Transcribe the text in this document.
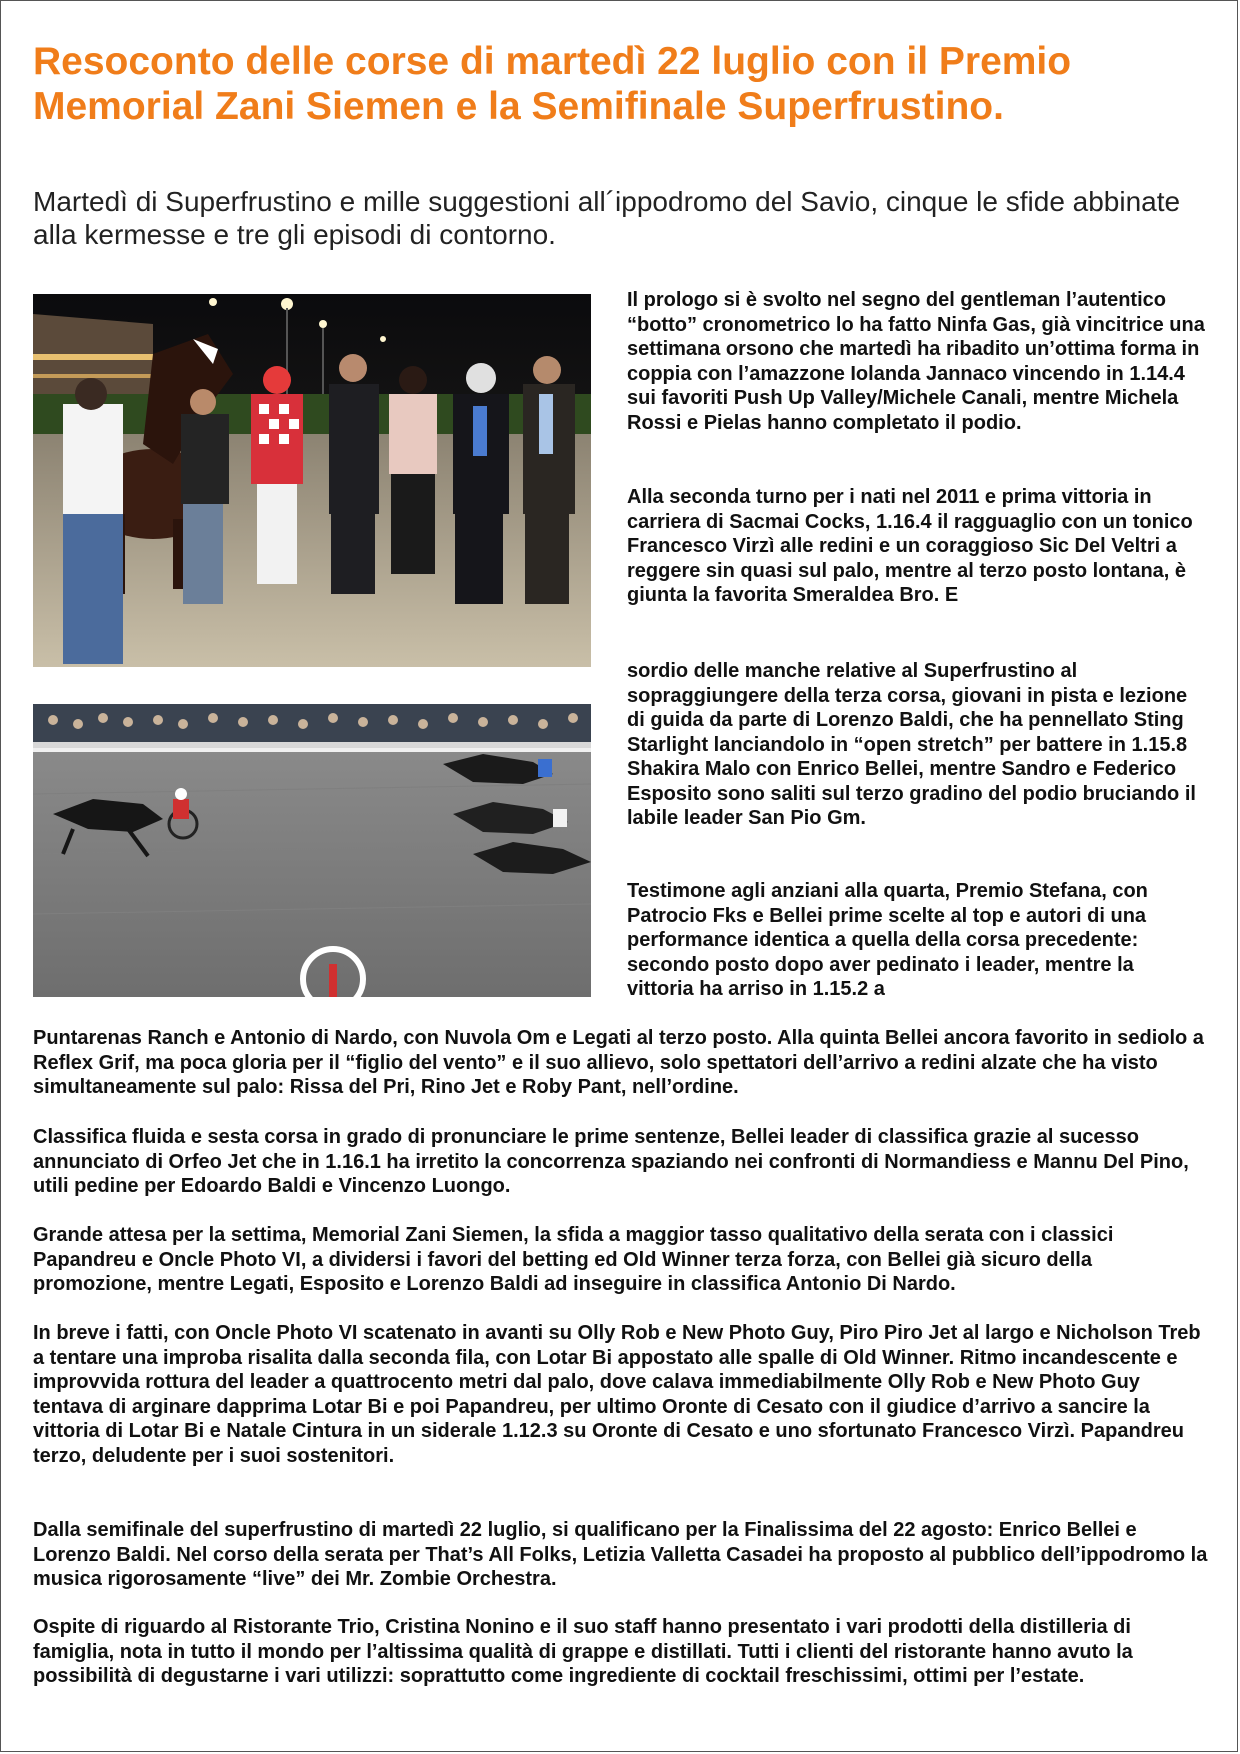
Resoconto delle corse di martedì 22 luglio con il Premio Memorial Zani Siemen e la Semifinale Superfrustino.

Martedì di Superfrustino e mille suggestioni all´ippodromo del Savio, cinque le sfide abbinate alla kermesse e tre gli episodi di contorno.

Il prologo si è svolto nel segno del gentleman l’autentico “botto” cronometrico lo ha fatto Ninfa Gas, già vincitrice una settimana orsono che martedì ha ribadito un’ottima forma in coppia con l’amazzone Iolanda Jannaco vincendo in 1.14.4 sui favoriti Push Up Valley/Michele Canali, mentre Michela Rossi e Pielas hanno completato il podio.

Alla seconda turno per i nati nel 2011 e prima vittoria in carriera di Sacmai Cocks, 1.16.4 il ragguaglio con un tonico Francesco Virzì alle redini e un coraggioso Sic Del Veltri a reggere sin quasi sul palo, mentre al terzo posto lontana, è giunta la favorita Smeraldea Bro. E

sordio delle manche relative al Superfrustino al sopraggiungere della terza corsa, giovani in pista e lezione di guida da parte di Lorenzo Baldi, che ha pennellato Sting Starlight lanciandolo in “open stretch” per battere in 1.15.8 Shakira Malo con Enrico Bellei, mentre Sandro e Federico Esposito sono saliti sul terzo gradino del podio bruciando il labile leader San Pio Gm.

Testimone agli anziani alla quarta, Premio Stefana, con Patrocio Fks e Bellei prime scelte al top e autori di una performance identica a quella della corsa precedente: secondo posto dopo aver pedinato i leader, mentre la vittoria ha arriso in 1.15.2 a

Puntarenas Ranch e Antonio di Nardo, con Nuvola Om e Legati al terzo posto. Alla quinta Bellei ancora favorito in sediolo a Reflex Grif, ma poca gloria per il “figlio del vento” e il suo allievo, solo spettatori dell’arrivo a redini alzate che ha visto simultaneamente sul palo: Rissa del Pri, Rino Jet e Roby Pant, nell’ordine.

Classifica fluida e sesta corsa in grado di pronunciare le prime sentenze, Bellei leader di classifica grazie al sucesso annunciato di Orfeo Jet che in 1.16.1 ha irretito la concorrenza spaziando nei confronti di Normandiess e Mannu Del Pino, utili pedine per Edoardo Baldi e Vincenzo Luongo.

Grande attesa per la settima, Memorial Zani Siemen, la sfida a maggior tasso qualitativo della serata con i classici Papandreu e Oncle Photo VI, a dividersi i favori del betting ed Old Winner terza forza, con Bellei già sicuro della promozione, mentre Legati, Esposito e Lorenzo Baldi ad inseguire in classifica Antonio Di Nardo.

In breve i fatti, con Oncle Photo VI scatenato in avanti su Olly Rob e New Photo Guy, Piro Piro Jet al largo e Nicholson Treb a tentare una improba risalita dalla seconda fila, con Lotar Bi appostato alle spalle di Old Winner. Ritmo incandescente e improvvida rottura del leader a quattrocento metri dal palo, dove calava immediabilmente Olly Rob e New Photo Guy tentava di arginare dapprima Lotar Bi e poi Papandreu, per ultimo Oronte di Cesato con il giudice d’arrivo a sancire la vittoria di Lotar Bi e Natale Cintura in un siderale 1.12.3 su Oronte di Cesato e uno sfortunato Francesco Virzì. Papandreu terzo, deludente per i suoi sostenitori.

Dalla semifinale del superfrustino di martedì 22 luglio, si qualificano per la Finalissima del 22 agosto: Enrico Bellei e Lorenzo Baldi. Nel corso della serata per That’s All Folks, Letizia Valletta Casadei ha proposto al pubblico dell’ippodromo la musica rigorosamente “live” dei Mr. Zombie Orchestra.

Ospite di riguardo al Ristorante Trio, Cristina Nonino e il suo staff hanno presentato i vari prodotti della distilleria di famiglia, nota in tutto il mondo per l’altissima qualità di grappe e distillati. Tutti i clienti del ristorante hanno avuto la possibilità di degustarne i vari utilizzi: soprattutto come ingrediente di cocktail freschissimi, ottimi per l’estate.
